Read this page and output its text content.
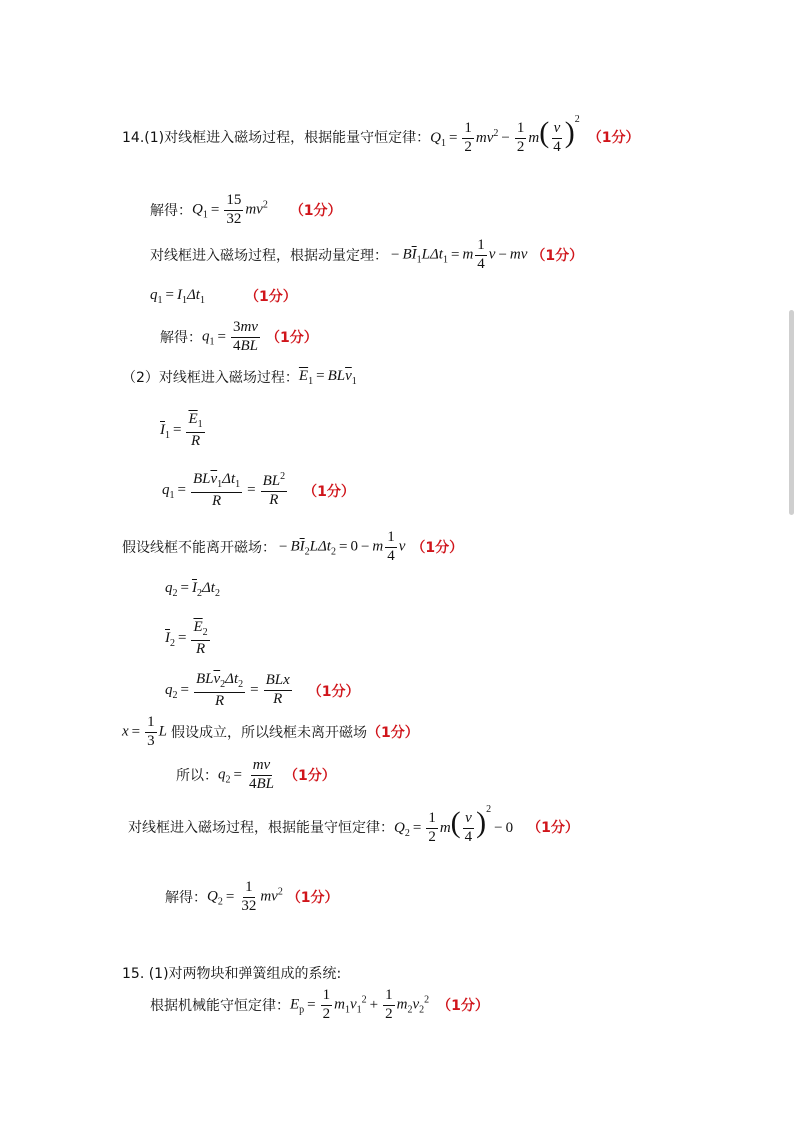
14.(1)对线框进入磁场过程，根据能量守恒定律： $Q_1 = \frac{1}{2} mv^2 - \frac{1}{2} m( \frac{v}{4} )^2$
（1分）
解得： $Q_1 = \frac{15}{32} mv^2$ （1分）
对线框进入磁场过程，根据动量定理： − $B\overline{I}_1L\Delta t_1 = m \frac{1}{4}$ v − mv （1分）
$q_1 = I_1\Delta t_1$	（1分）
解得： $q_1 = \frac{3mv}{4BL} (1$分）
（2）对线框进入磁场过程： $\overline{E}_1 = BL\overline{v}_1$
$\overline{I}_1 = \frac{\overline{E}_1}{R}$
$q_1 = \frac{BL\overline{v}_1\Delta t_1}{R} = \frac{BL^2}{R} (1$分）
假设线框不能离开磁场： − $B\overline{I}_2L\Delta t_2 = 0 - m \frac{1}{4}$ v （1分）
$q_2 = \overline{I}_2\Delta t_2$
$\overline{I}_2 = \frac{\overline{E}_2}{R}$
$q_2 = \frac{BL\overline{v}_2\Delta t_2}{R} = \frac{\text{BLx}}{R} (1$分）
$x = \frac{1}{3}$ L 假设成立，所以线框未离开磁场 （1分）
所以： $q_2 = \frac{mv}{4BL} (1$分）
对线框进入磁场过程，根据能量守恒定律： $Q_2 = \frac{1}{2} m( \frac{v}{4} )^2- 0$ （1分）
解得： $Q_2 = \frac{1}{32} mv^2$ （1分）
15. (1)对两物块和弹簧组成的系统:
根据机械能守恒定律： $E_p = \frac{1}{2} m_1v_1^2 + \frac{1}{2} m_2v_2^2$ （1分）
